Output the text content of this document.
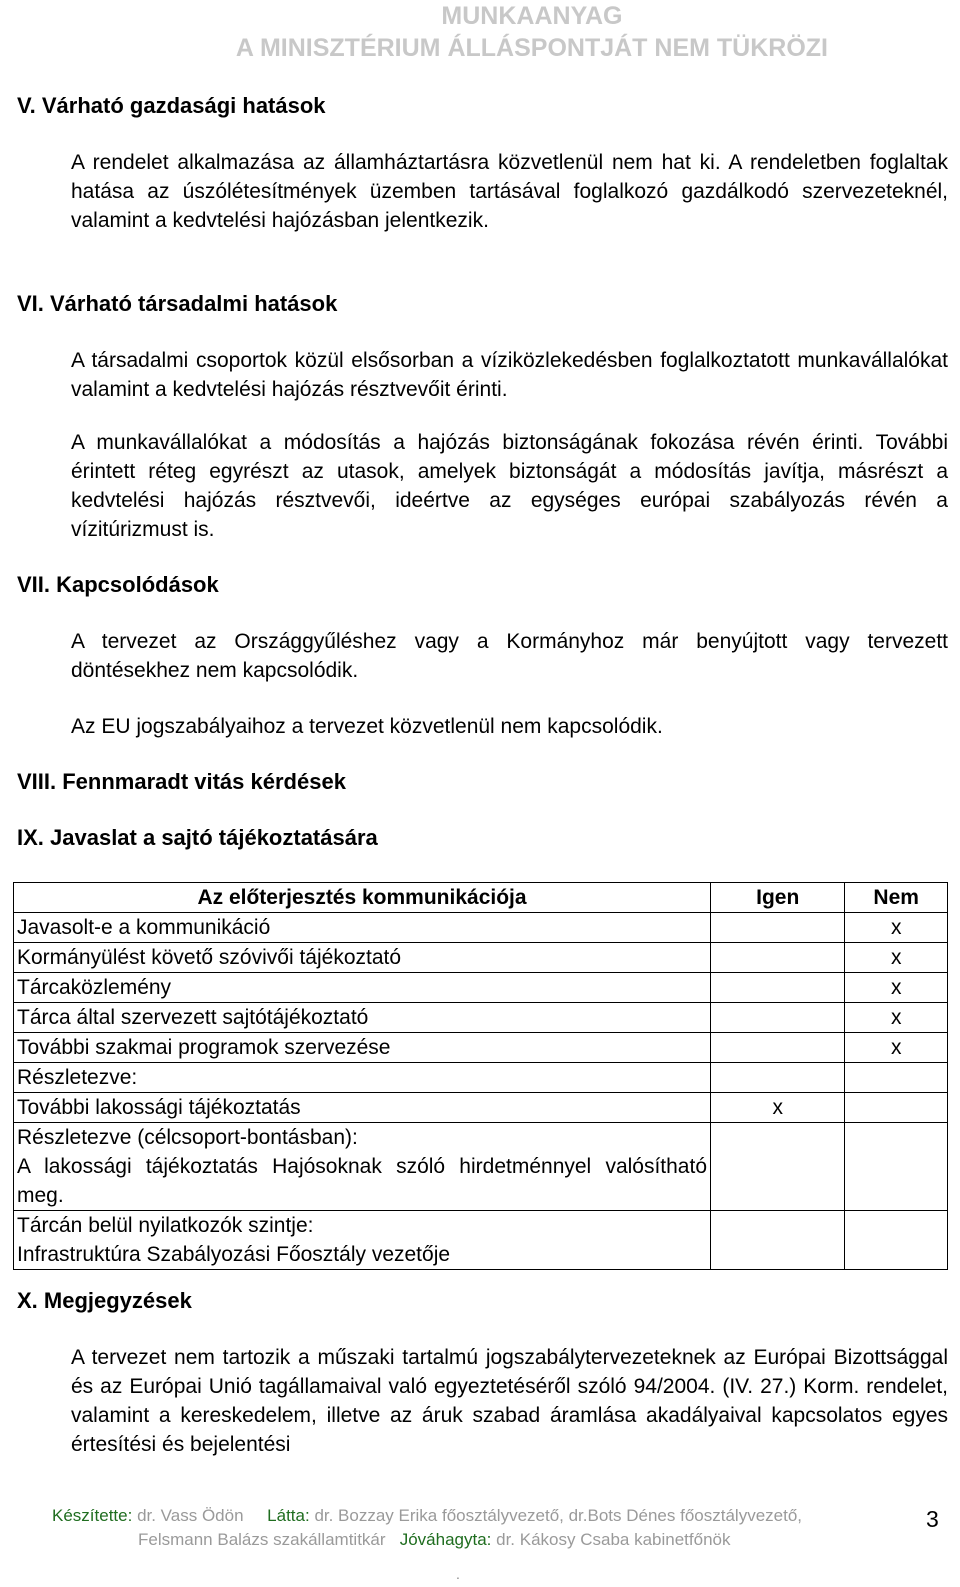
MUNKAANYAG
A MINISZTÉRIUM ÁLLÁSPONTJÁT NEM TÜKRÖZI
V. Várható gazdasági hatások

A rendelet alkalmazása az államháztartásra közvetlenül nem hat ki. A rendeletben foglaltak hatása az úszólétesítmények üzemben tartásával foglalkozó gazdálkodó szervezeteknél, valamint a kedvtelési hajózásban jelentkezik.

VI. Várható társadalmi hatások

A társadalmi csoportok közül elsősorban a víziközlekedésben foglalkoztatott munkavállalókat valamint a kedvtelési hajózás résztvevőit érinti.

A munkavállalókat a módosítás a hajózás biztonságának fokozása révén érinti. További érintett réteg egyrészt az utasok, amelyek biztonságát a módosítás javítja, másrészt a kedvtelési hajózás résztvevői, ideértve az egységes európai szabályozás révén a vízitúrizmust is.

VII. Kapcsolódások

A tervezet az Országgyűléshez vagy a Kormányhoz már benyújtott vagy tervezett döntésekhez nem kapcsolódik.

Az EU jogszabályaihoz a tervezet közvetlenül nem kapcsolódik.

VIII. Fennmaradt vitás kérdések
IX. Javaslat a sajtó tájékoztatására
Az előterjesztés kommunikációja	Igen	Nem
Javasolt-e a kommunikáció		x
Kormányülést követő szóvivői tájékoztató		x
Tárcaközlemény		x
Tárca által szervezett sajtótájékoztató		x
További szakmai programok szervezése		x
Részletezve:		
További lakossági tájékoztatás	x	
Részletezve (célcsoport-bontásban):
A lakossági tájékoztatás Hajósoknak szóló hirdetménnyel valósítható meg.		
Tárcán belül nyilatkozók szintje:
Infrastruktúra Szabályozási Főosztály vezetője		
X. Megjegyzések

A tervezet nem tartozik a műszaki tartalmú jogszabálytervezeteknek az Európai Bizottsággal és az Európai Unió tagállamaival való egyeztetéséről szóló 94/2004. (IV. 27.) Korm. rendelet, valamint a kereskedelem, illetve az áruk szabad áramlása akadályaival kapcsolatos egyes értesítési és bejelentési

Készítette: dr. Vass Ödön Látta: dr. Bozzay Erika főosztályvezető, dr.Bots Dénes főosztályvezető,
Felsmann Balázs szakállamtitkár Jóváhagyta: dr. Kákosy Csaba kabinetfőnök
3
.
